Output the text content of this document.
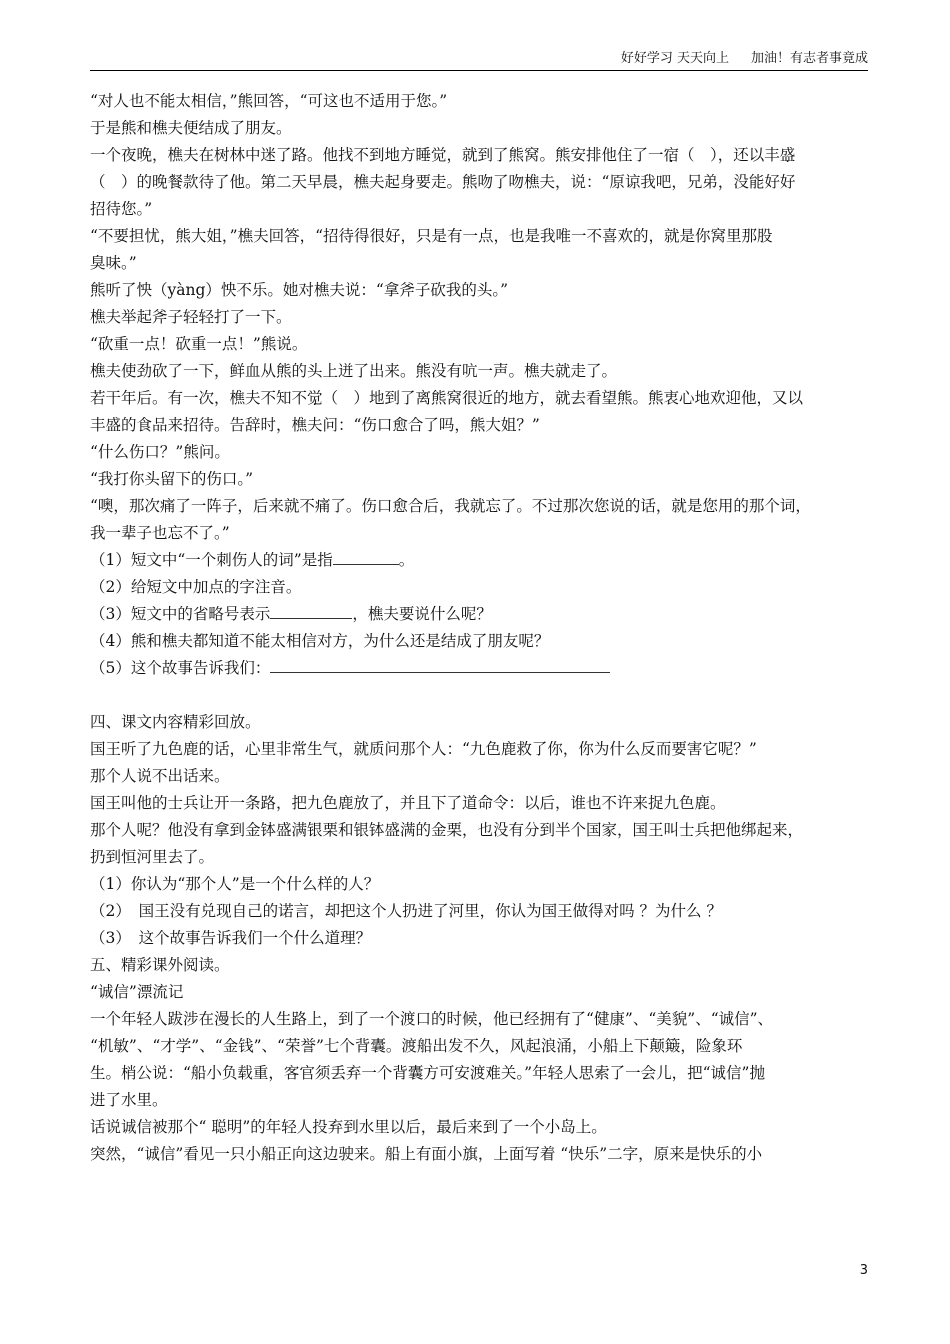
好好学习 天天向上 加油！有志者事竟成

“对人也不能太相信，”熊回答，“可这也不适用于您。”

于是熊和樵夫便结成了朋友。

一个夜晚，樵夫在树林中迷了路。他找不到地方睡觉，就到了熊窝。熊安排他住了一宿（　），还以丰盛

（　）的晚餐款待了他。第二天早晨，樵夫起身要走。熊吻了吻樵夫，说：“原谅我吧，兄弟，没能好好

招待您。”

“不要担忧，熊大姐，”樵夫回答，“招待得很好，只是有一点，也是我唯一不喜欢的，就是你窝里那股

臭味。”

熊听了怏（yàng）怏不乐。她对樵夫说：“拿斧子砍我的头。”

樵夫举起斧子轻轻打了一下。

“砍重一点！砍重一点！”熊说。

樵夫使劲砍了一下，鲜血从熊的头上迸了出来。熊没有吭一声。樵夫就走了。

若干年后。有一次，樵夫不知不觉（　）地到了离熊窝很近的地方，就去看望熊。熊衷心地欢迎他，又以

丰盛的食品来招待。告辞时，樵夫问：“伤口愈合了吗，熊大姐？”

“什么伤口？”熊问。

“我打你头留下的伤口。”

“噢，那次痛了一阵子，后来就不痛了。伤口愈合后，我就忘了。不过那次您说的话，就是您用的那个词，

我一辈子也忘不了。”

（1）短文中“一个刺伤人的词”是指	。

（2）给短文中加点的字注音。

（3）短文中的省略号表示	，樵夫要说什么呢？

（4）熊和樵夫都知道不能太相信对方，为什么还是结成了朋友呢？

（5）这个故事告诉我们：

四、课文内容精彩回放。

国王听了九色鹿的话，心里非常生气，就质问那个人：“九色鹿救了你，你为什么反而要害它呢？”

那个人说不出话来。

国王叫他的士兵让开一条路，把九色鹿放了，并且下了道命令：以后，谁也不许来捉九色鹿。

那个人呢？他没有拿到金钵盛满银栗和银钵盛满的金栗，也没有分到半个国家，国王叫士兵把他绑起来，

扔到恒河里去了。

（1）你认为“那个人”是一个什么样的人？

（2）　国王没有兑现自己的诺言，却把这个人扔进了河里，你认为国王做得对吗 ？为什么 ？

（3）　这个故事告诉我们一个什么道理？

五、精彩课外阅读。

“诚信”漂流记

一个年轻人跋涉在漫长的人生路上，到了一个渡口的时候，他已经拥有了“健康”、“美貌”、“诚信”、

“机敏”、“才学”、“金钱”、“荣誉”七个背囊。渡船出发不久，风起浪涌，小船上下颠簸，险象环

生。梢公说：“船小负载重，客官须丢弃一个背囊方可安渡难关。”年轻人思索了一会儿，把“诚信”抛

进了水里。

话说诚信被那个“ 聪明”的年轻人投弃到水里以后，最后来到了一个小岛上。

突然，“诚信”看见一只小船正向这边驶来。船上有面小旗，上面写着 “快乐”二字，原来是快乐的小

3
